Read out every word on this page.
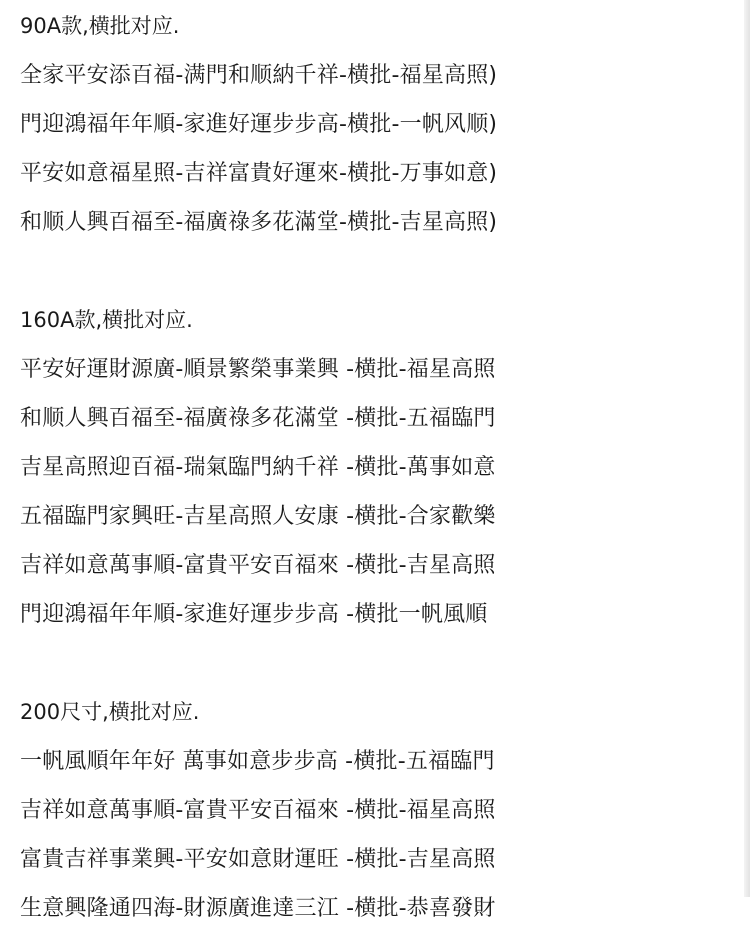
90A款,横批对应.
全家平安添百福-满門和顺納千祥-横批-福星高照)
門迎鴻福年年順-家進好運步步高-横批-一帆风顺)
平安如意福星照-吉祥富貴好運來-横批-万事如意)
和顺人興百福至-福廣祿多花滿堂-横批-吉星高照)
160A款,横批对应.
平安好運財源廣-順景繁榮事業興 -横批-福星高照
和顺人興百福至-福廣祿多花滿堂 -横批-五福臨門
吉星高照迎百福-瑞氣臨門納千祥 -横批-萬事如意
五福臨門家興旺-吉星高照人安康 -横批-合家歡樂
吉祥如意萬事順-富貴平安百福來 -横批-吉星高照
門迎鴻福年年順-家進好運步步高 -横批一帆風順
200尺寸,横批对应.
一帆風順年年好 萬事如意步步高 -横批-五福臨門
吉祥如意萬事順-富貴平安百福來 -横批-福星高照
富貴吉祥事業興-平安如意財運旺 -横批-吉星高照
生意興隆通四海-財源廣進達三江 -横批-恭喜發財
